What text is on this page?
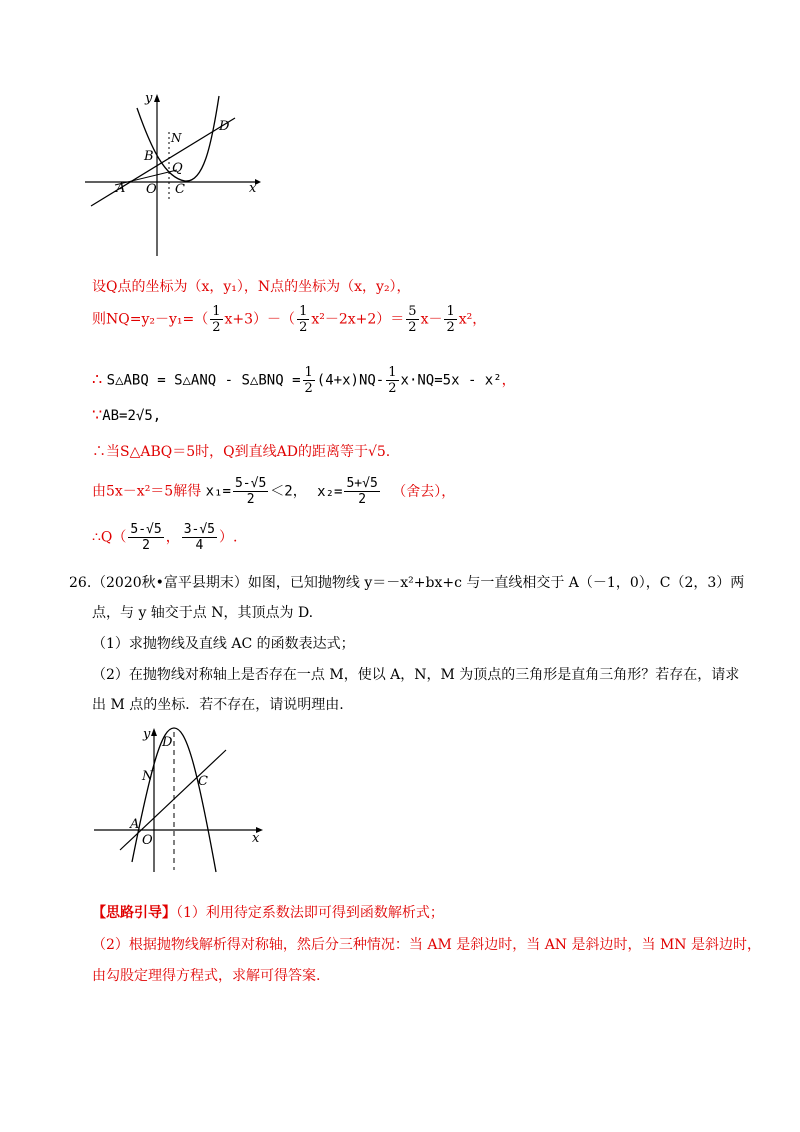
y
x
N
D
B
Q
A O C
设Q点的坐标为（x，y₁），N点的坐标为（x，y₂），
则$NQ=y_2-y_1=( \frac{1}{2} x+3)-( \frac{1}{2} x^2-2x+2)= \frac{5}{2} x- \frac{1}{2} x^2$，
∴ S△ABQ = S△ANQ - S△BNQ = $\frac{1}{2} (4+x)NQ- \frac{1}{2} x\cdot NQ=5x - x^2$，
∵AB=2√5,
∴当S△ABQ＝5时，Q到直线AD的距离等于√5.
由5x－x²＝5解得 $x_1= \frac{5-√5}{2} <2$， $x_2= \frac{5+√5}{2}$ （舍去），
∴Q（ $\frac{5-√5}{2}$ ， $\frac{3-√5}{4}$ ）.
26. （2020秋•富平县期末）如图，已知抛物线 y＝－x²+bx+c 与一直线相交于 A（－1，0），C（2，3）两
点，与 y 轴交于点 N，其顶点为 D.
（1）求抛物线及直线 AC 的函数表达式；
（2）在抛物线对称轴上是否存在一点 M，使以 A，N，M 为顶点的三角形是直角三角形？若存在，请求
出 M 点的坐标．若不存在，请说明理由.
y
D
N	C
A
O	x
【思路引导】（1）利用待定系数法即可得到函数解析式；
（2）根据抛物线解析得对称轴，然后分三种情况：当 AM 是斜边时，当 AN 是斜边时，当 MN 是斜边时，
由勾股定理得方程式，求解可得答案.
